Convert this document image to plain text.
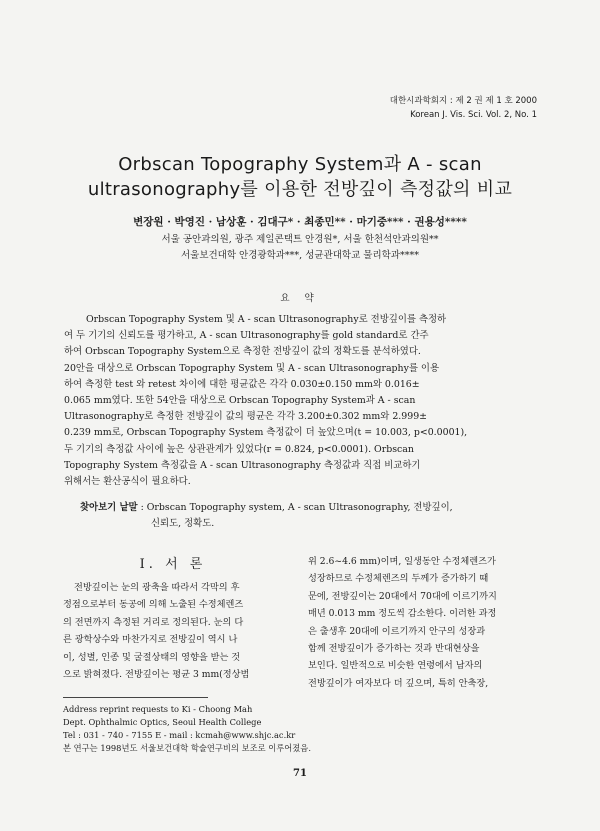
대한시과학회지 : 제 2 권 제 1 호 2000
Korean J. Vis. Sci. Vol. 2, No. 1
Orbscan Topography System과 A - scan
ultrasonography를 이용한 전방깊이 측정값의 비교
변장원 · 박영진 · 남상훈 · 김대구* · 최종민** · 마기중*** · 권용성****
서울 공안과의원, 광주 제일콘택트 안경원*, 서울 한천석안과의원**
서울보건대학 안경광학과***, 성균관대학교 물리학과****
요 약
Orbscan Topography System 및 A - scan Ultrasonography로 전방깊이를 측정하
여 두 기기의 신뢰도를 평가하고, A - scan Ultrasonography를 gold standard로 간주
하여 Orbscan Topography System으로 측정한 전방깊이 값의 정확도를 분석하였다.
20안을 대상으로 Orbscan Topography System 및 A - scan Ultrasonography를 이용
하여 측정한 test 와 retest 차이에 대한 평균값은 각각 0.030±0.150 mm와 0.016±
0.065 mm였다. 또한 54안을 대상으로 Orbscan Topography System과 A - scan
Ultrasonography로 측정한 전방깊이 값의 평균은 각각 3.200±0.302 mm와 2.999±
0.239 mm로, Orbscan Topography System 측정값이 더 높았으며(t = 10.003, p<0.0001),
두 기기의 측정값 사이에 높은 상관관계가 있었다(r = 0.824, p<0.0001). Orbscan
Topography System 측정값을 A - scan Ultrasonography 측정값과 직접 비교하기
위해서는 환산공식이 필요하다.
찾아보기 낱말 : Orbscan Topography system, A - scan Ultrasonography, 전방깊이,
신뢰도, 정확도.
Ⅰ. 서 론
전방깊이는 눈의 광축을 따라서 각막의 후
정점으로부터 동공에 의해 노출된 수정체렌즈
의 전면까지 측정된 거리로 정의된다. 눈의 다
른 광학상수와 마찬가지로 전방깊이 역시 나
이, 성별, 인종 및 굴절상태의 영향을 받는 것
으로 밝혀졌다. 전방깊이는 평균 3 mm(정상범
위 2.6~4.6 mm)이며, 일생동안 수정체렌즈가
성장하므로 수정체렌즈의 두께가 증가하기 때
문에, 전방깊이는 20대에서 70대에 이르기까지
매년 0.013 mm 정도씩 감소한다. 이러한 과정
은 출생후 20대에 이르기까지 안구의 성장과
함께 전방깊이가 증가하는 것과 반대현상을
보인다. 일반적으로 비슷한 연령에서 남자의
전방깊이가 여자보다 더 깊으며, 특히 안축장,
Address reprint requests to Ki - Choong Mah
Dept. Ophthalmic Optics, Seoul Health College
Tel : 031 - 740 - 7155 E - mail : kcmah@www.shjc.ac.kr
본 연구는 1998년도 서울보건대학 학술연구비의 보조로 이루어졌음.
71
